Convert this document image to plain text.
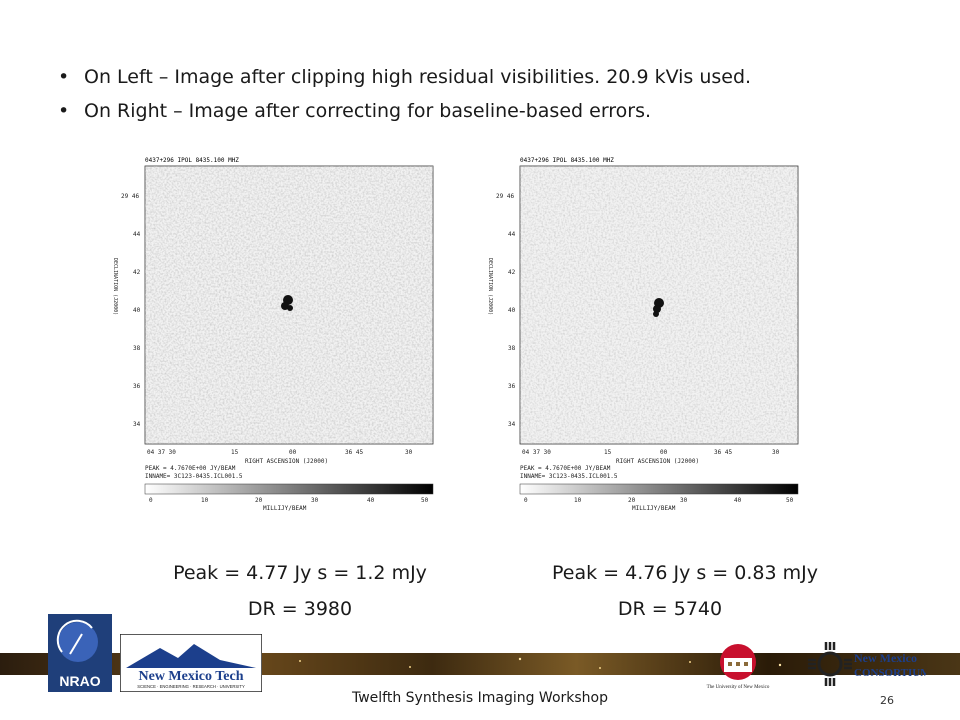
• On Left – Image after clipping high residual visibilities. 20.9 kVis used.
• On Right – Image after correcting for baseline-based errors.
0437+296 IPOL 8435.100 MHZ
29 46
44
42
40
38
36
34
DECLINATION (J2000)
04 37 30	15	00	36 45	30
RIGHT ASCENSION (J2000)
PEAK = 4.7670E+00 JY/BEAM
INNAME= 3C123-0435.ICL001.5
0	10	20	30	40	50
MILLIJY/BEAM
0437+296 IPOL 8435.100 MHZ
29 46
44
42
40
38
36
34
DECLINATION (J2000)
04 37 30	15	00	36 45	30
RIGHT ASCENSION (J2000)
PEAK = 4.7670E+00 JY/BEAM
INNAME= 3C123-0435.ICL001.5
0	10	20	30	40	50
MILLIJY/BEAM
Peak = 4.77 Jy s = 1.2 mJy	Peak = 4.76 Jy s = 0.83 mJy
DR = 3980	DR = 5740
NRAO	New Mexico Tech
SCIENCE · ENGINEERING · RESEARCH · UNIVERSITY	The University of New Mexico
New Mexico
CONSORTIUM
Twelfth Synthesis Imaging Workshop	26
